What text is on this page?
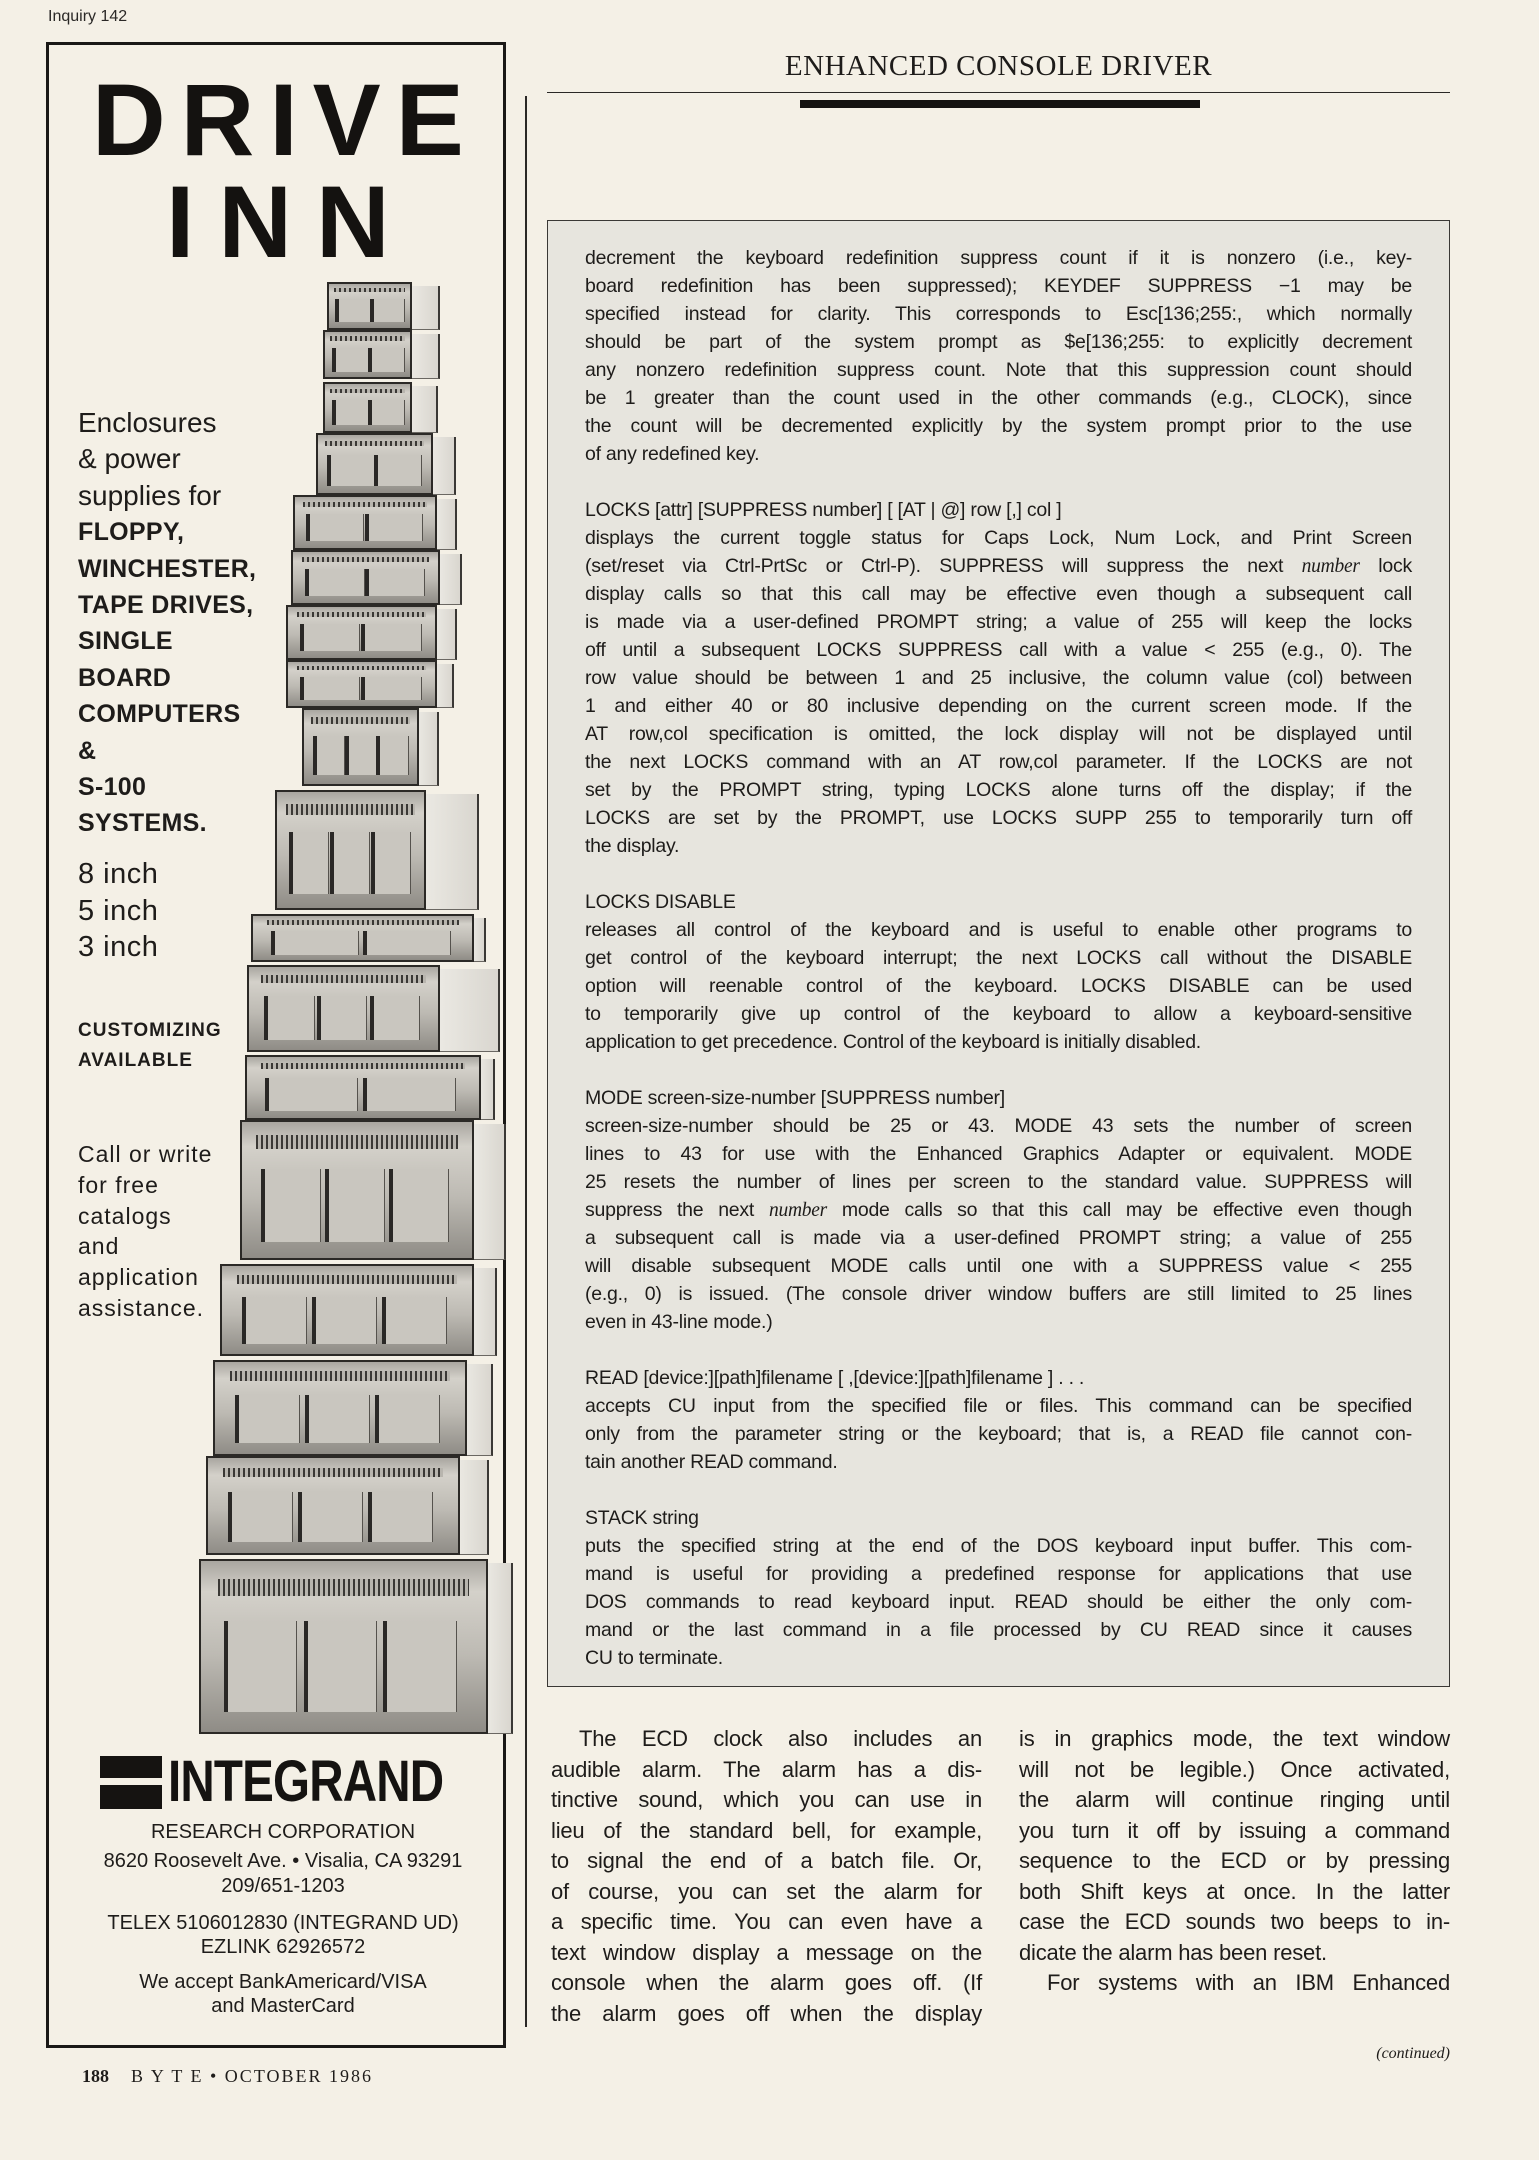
Inquiry 142
DRIVE
INN
Enclosures
& power
supplies for
FLOPPY,
WINCHESTER,
TAPE DRIVES,
SINGLE
BOARD
COMPUTERS
&
S-100
SYSTEMS.
8 inch
5 inch
3 inch
CUSTOMIZING
AVAILABLE
Call or write
for free
catalogs
and
application
assistance.
INTEGRAND
RESEARCH CORPORATION
8620 Roosevelt Ave. • Visalia, CA 93291
209/651-1203
TELEX 5106012830 (INTEGRAND UD)
EZLINK 62926572
We accept BankAmericard/VISA
and MasterCard
ENHANCED CONSOLE DRIVER
decrement the keyboard redefinition suppress count if it is nonzero (i.e., key-
board redefinition has been suppressed); KEYDEF SUPPRESS −1 may be
specified instead for clarity. This corresponds to Esc[136;255:, which normally
should be part of the system prompt as $e[136;255: to explicitly decrement
any nonzero redefinition suppress count. Note that this suppression count should
be 1 greater than the count used in the other commands (e.g., CLOCK), since
the count will be decremented explicitly by the system prompt prior to the use
of any redefined key.
LOCKS [attr] [SUPPRESS number] [ [AT | @] row [,] col ]
displays the current toggle status for Caps Lock, Num Lock, and Print Screen
(set/reset via Ctrl-PrtSc or Ctrl-P). SUPPRESS will suppress the next number lock
display calls so that this call may be effective even though a subsequent call
is made via a user-defined PROMPT string; a value of 255 will keep the locks
off until a subsequent LOCKS SUPPRESS call with a value < 255 (e.g., 0). The
row value should be between 1 and 25 inclusive, the column value (col) between
1 and either 40 or 80 inclusive depending on the current screen mode. If the
AT row,col specification is omitted, the lock display will not be displayed until
the next LOCKS command with an AT row,col parameter. If the LOCKS are not
set by the PROMPT string, typing LOCKS alone turns off the display; if the
LOCKS are set by the PROMPT, use LOCKS SUPP 255 to temporarily turn off
the display.
LOCKS DISABLE
releases all control of the keyboard and is useful to enable other programs to
get control of the keyboard interrupt; the next LOCKS call without the DISABLE
option will reenable control of the keyboard. LOCKS DISABLE can be used
to temporarily give up control of the keyboard to allow a keyboard-sensitive
application to get precedence. Control of the keyboard is initially disabled.
MODE screen-size-number [SUPPRESS number]
screen-size-number should be 25 or 43. MODE 43 sets the number of screen
lines to 43 for use with the Enhanced Graphics Adapter or equivalent. MODE
25 resets the number of lines per screen to the standard value. SUPPRESS will
suppress the next number mode calls so that this call may be effective even though
a subsequent call is made via a user-defined PROMPT string; a value of 255
will disable subsequent MODE calls until one with a SUPPRESS value < 255
(e.g., 0) is issued. (The console driver window buffers are still limited to 25 lines
even in 43-line mode.)
READ [device:][path]filename [ ,[device:][path]filename ] . . .
accepts CU input from the specified file or files. This command can be specified
only from the parameter string or the keyboard; that is, a READ file cannot con-
tain another READ command.
STACK string
puts the specified string at the end of the DOS keyboard input buffer. This com-
mand is useful for providing a predefined response for applications that use
DOS commands to read keyboard input. READ should be either the only com-
mand or the last command in a file processed by CU READ since it causes
CU to terminate.
The ECD clock also includes an
audible alarm. The alarm has a dis-
tinctive sound, which you can use in
lieu of the standard bell, for example,
to signal the end of a batch file. Or,
of course, you can set the alarm for
a specific time. You can even have a
text window display a message on the
console when the alarm goes off. (If
the alarm goes off when the display
is in graphics mode, the text window
will not be legible.) Once activated,
the alarm will continue ringing until
you turn it off by issuing a command
sequence to the ECD or by pressing
both Shift keys at once. In the latter
case the ECD sounds two beeps to in-
dicate the alarm has been reset.
For systems with an IBM Enhanced
(continued)
188 B Y T E • OCTOBER 1986
